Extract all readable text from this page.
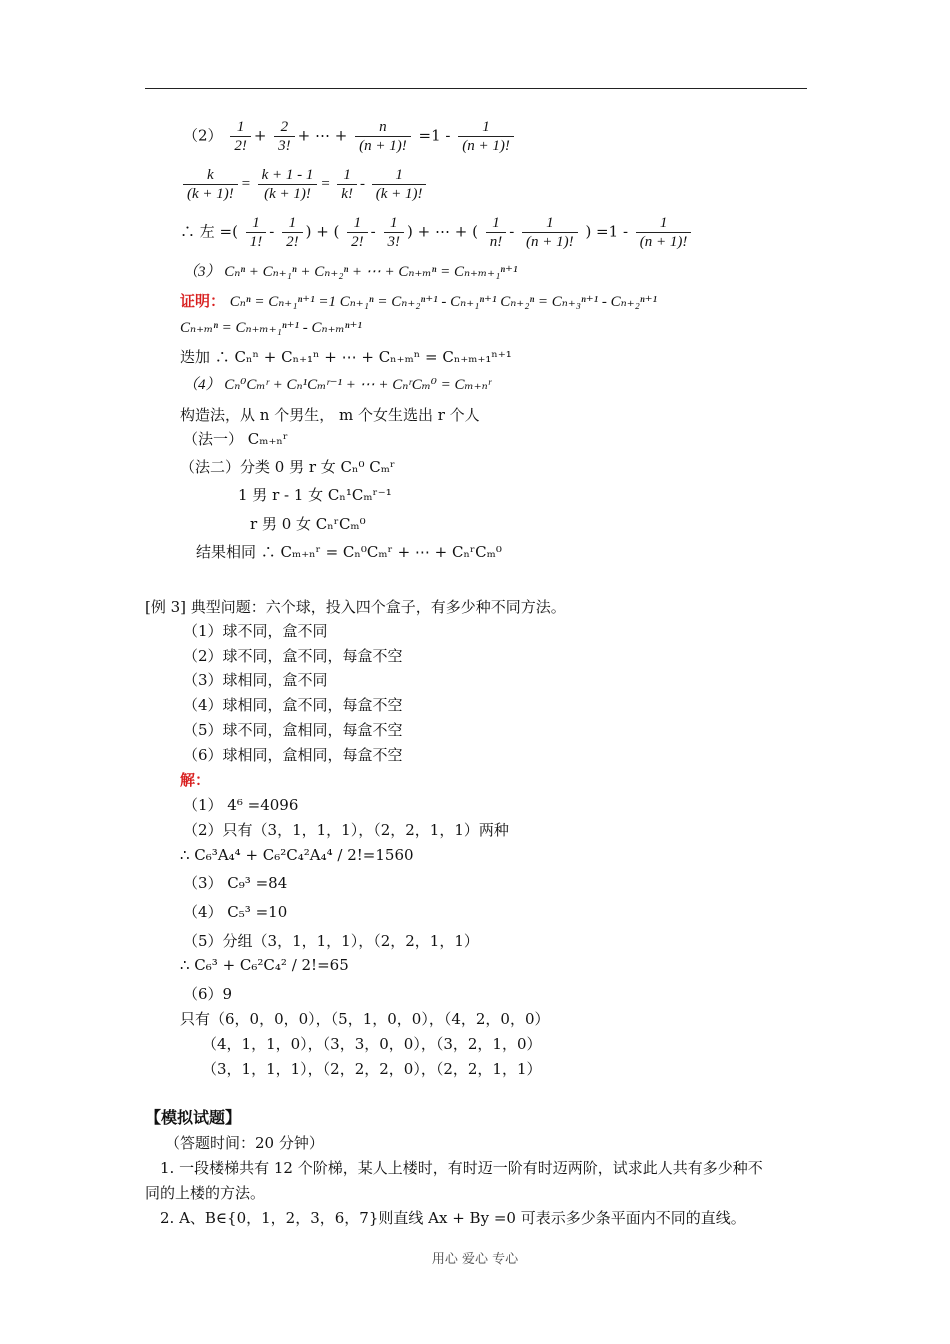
$(2) \frac{1}{2!} + \frac{2}{3!}$ + ⋯ + $\frac{n}{(n + 1)!} =1 - \frac{1}{(n + 1)!}$
$\frac{k}{(k + 1)!} = \frac{k + 1 - 1}{(k + 1)!} = \frac{1}{k!} - \frac{1}{(k + 1)!}$
∴ 左 =( $\frac{1}{1!} - \frac{1}{2!}$ ) + ( $\frac{1}{2!} - \frac{1}{3!}$ ) + ⋯ + ( $\frac{1}{n!} - \frac{1}{(n + 1)!}$ ) $=1 - \frac{1}{(n + 1)!}$
（3） Cₙⁿ + Cₙ₊₁ⁿ + Cₙ₊₂ⁿ + ⋯ + Cₙ₊ₘⁿ = Cₙ₊ₘ₊₁ⁿ⁺¹
证明： Cₙⁿ = Cₙ₊₁ⁿ⁺¹ =1 Cₙ₊₁ⁿ = Cₙ₊₂ⁿ⁺¹ - Cₙ₊₁ⁿ⁺¹ Cₙ₊₂ⁿ = Cₙ₊₃ⁿ⁺¹ - Cₙ₊₂ⁿ⁺¹
Cₙ₊ₘⁿ = Cₙ₊ₘ₊₁ⁿ⁺¹ - Cₙ₊ₘⁿ⁺¹
迭加 ∴ Cₙⁿ + Cₙ₊₁ⁿ + ⋯ + Cₙ₊ₘⁿ = Cₙ₊ₘ₊₁ⁿ⁺¹
（4） Cₙ⁰Cₘʳ + Cₙ¹Cₘʳ⁻¹ + ⋯ + CₙʳCₘ⁰ = Cₘ₊ₙʳ
构造法，从 n 个男生， m 个女生选出 r 个人
（法一） Cₘ₊ₙʳ
（法二）分类 0 男 r 女 Cₙ⁰ Cₘʳ
1 男 r - 1 女 Cₙ¹Cₘʳ⁻¹
r 男 0 女 CₙʳCₘ⁰
结果相同 ∴ Cₘ₊ₙʳ = Cₙ⁰Cₘʳ + ⋯ + CₙʳCₘ⁰
[例 3] 典型问题：六个球，投入四个盒子，有多少种不同方法。
（1）球不同，盒不同
（2）球不同，盒不同，每盒不空
（3）球相同，盒不同
（4）球相同，盒不同，每盒不空
（5）球不同，盒相同，每盒不空
（6）球相同，盒相同，每盒不空
解：
（1） 4⁶ =4096
（2）只有（3，1，1，1），（2，2，1，1）两种
∴ C₆³A₄⁴ + C₆²C₄²A₄⁴ / 2!=1560
（3） C₉³ =84
（4） C₅³ =10
（5）分组（3，1，1，1），（2，2，1，1）
∴ C₆³ + C₆²C₄² / 2!=65
（6）9
只有（6，0，0，0），（5，1，0，0），（4，2，0，0）
（4，1，1，0），（3，3，0，0），（3，2，1，0）
（3，1，1，1），（2，2，2，0），（2，2，1，1）
【模拟试题】
（答题时间：20 分钟）
1. 一段楼梯共有 12 个阶梯，某人上楼时，有时迈一阶有时迈两阶，试求此人共有多少种不
同的上楼的方法。
2. A、B∈{0，1，2，3，6，7}则直线 Ax + By =0 可表示多少条平面内不同的直线。
用心 爱心 专心
